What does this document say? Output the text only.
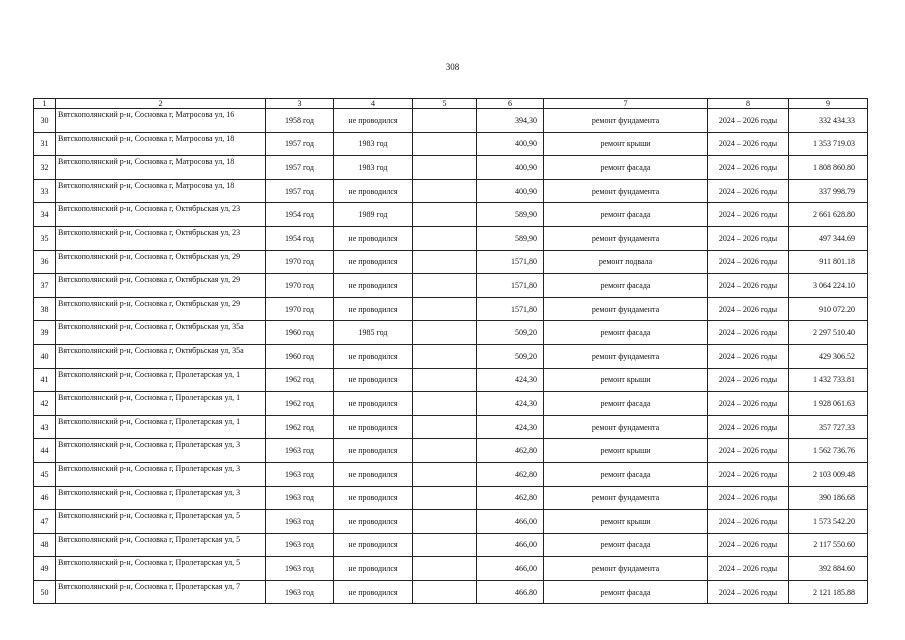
308
1	2	3	4	5	6	7	8	9
30	Вятскополянский р-н, Сосновка г, Матросова ул, 16	1958 год	не проводился		394,30	ремонт фундамента	2024 – 2026 годы	332 434.33
31	Вятскополянский р-н, Сосновка г, Матросова ул, 18	1957 год	1983 год		400,90	ремонт крыши	2024 – 2026 годы	1 353 719.03
32	Вятскополянский р-н, Сосновка г, Матросова ул, 18	1957 год	1983 год		400,90	ремонт фасада	2024 – 2026 годы	1 808 860.80
33	Вятскополянский р-н, Сосновка г, Матросова ул, 18	1957 год	не проводился		400,90	ремонт фундамента	2024 – 2026 годы	337 998.79
34	Вятскополянский р-н, Сосновка г, Октябрьская ул, 23	1954 год	1989 год		589,90	ремонт фасада	2024 – 2026 годы	2 661 628.80
35	Вятскополянский р-н, Сосновка г, Октябрьская ул, 23	1954 год	не проводился		589,90	ремонт фундамента	2024 – 2026 годы	497 344.69
36	Вятскополянский р-н, Сосновка г, Октябрьская ул, 29	1970 год	не проводился		1571,80	ремонт подвала	2024 – 2026 годы	911 801.18
37	Вятскополянский р-н, Сосновка г, Октябрьская ул, 29	1970 год	не проводился		1571,80	ремонт фасада	2024 – 2026 годы	3 064 224.10
38	Вятскополянский р-н, Сосновка г, Октябрьская ул, 29	1970 год	не проводился		1571,80	ремонт фундамента	2024 – 2026 годы	910 072.20
39	Вятскополянский р-н, Сосновка г, Октябрьская ул, 35а	1960 год	1985 год		509,20	ремонт фасада	2024 – 2026 годы	2 297 510.40
40	Вятскополянский р-н, Сосновка г, Октябрьская ул, 35а	1960 год	не проводился		509,20	ремонт фундамента	2024 – 2026 годы	429 306.52
41	Вятскополянский р-н, Сосновка г, Пролетарская ул, 1	1962 год	не проводился		424,30	ремонт крыши	2024 – 2026 годы	1 432 733.81
42	Вятскополянский р-н, Сосновка г, Пролетарская ул, 1	1962 год	не проводился		424,30	ремонт фасада	2024 – 2026 годы	1 928 061.63
43	Вятскополянский р-н, Сосновка г, Пролетарская ул, 1	1962 год	не проводился		424,30	ремонт фундамента	2024 – 2026 годы	357 727.33
44	Вятскополянский р-н, Сосновка г, Пролетарская ул, 3	1963 год	не проводился		462,80	ремонт крыши	2024 – 2026 годы	1 562 736.76
45	Вятскополянский р-н, Сосновка г, Пролетарская ул, 3	1963 год	не проводился		462,80	ремонт фасада	2024 – 2026 годы	2 103 009.48
46	Вятскополянский р-н, Сосновка г, Пролетарская ул, 3	1963 год	не проводился		462,80	ремонт фундамента	2024 – 2026 годы	390 186.68
47	Вятскополянский р-н, Сосновка г, Пролетарская ул, 5	1963 год	не проводился		466,00	ремонт крыши	2024 – 2026 годы	1 573 542.20
48	Вятскополянский р-н, Сосновка г, Пролетарская ул, 5	1963 год	не проводился		466,00	ремонт фасада	2024 – 2026 годы	2 117 550.60
49	Вятскополянский р-н, Сосновка г, Пролетарская ул, 5	1963 год	не проводился		466,00	ремонт фундамента	2024 – 2026 годы	392 884.60
50	Вятскополянский р-н, Сосновка г, Пролетарская ул, 7	1963 год	не проводился		466.80	ремонт фасада	2024 – 2026 годы	2 121 185.88
